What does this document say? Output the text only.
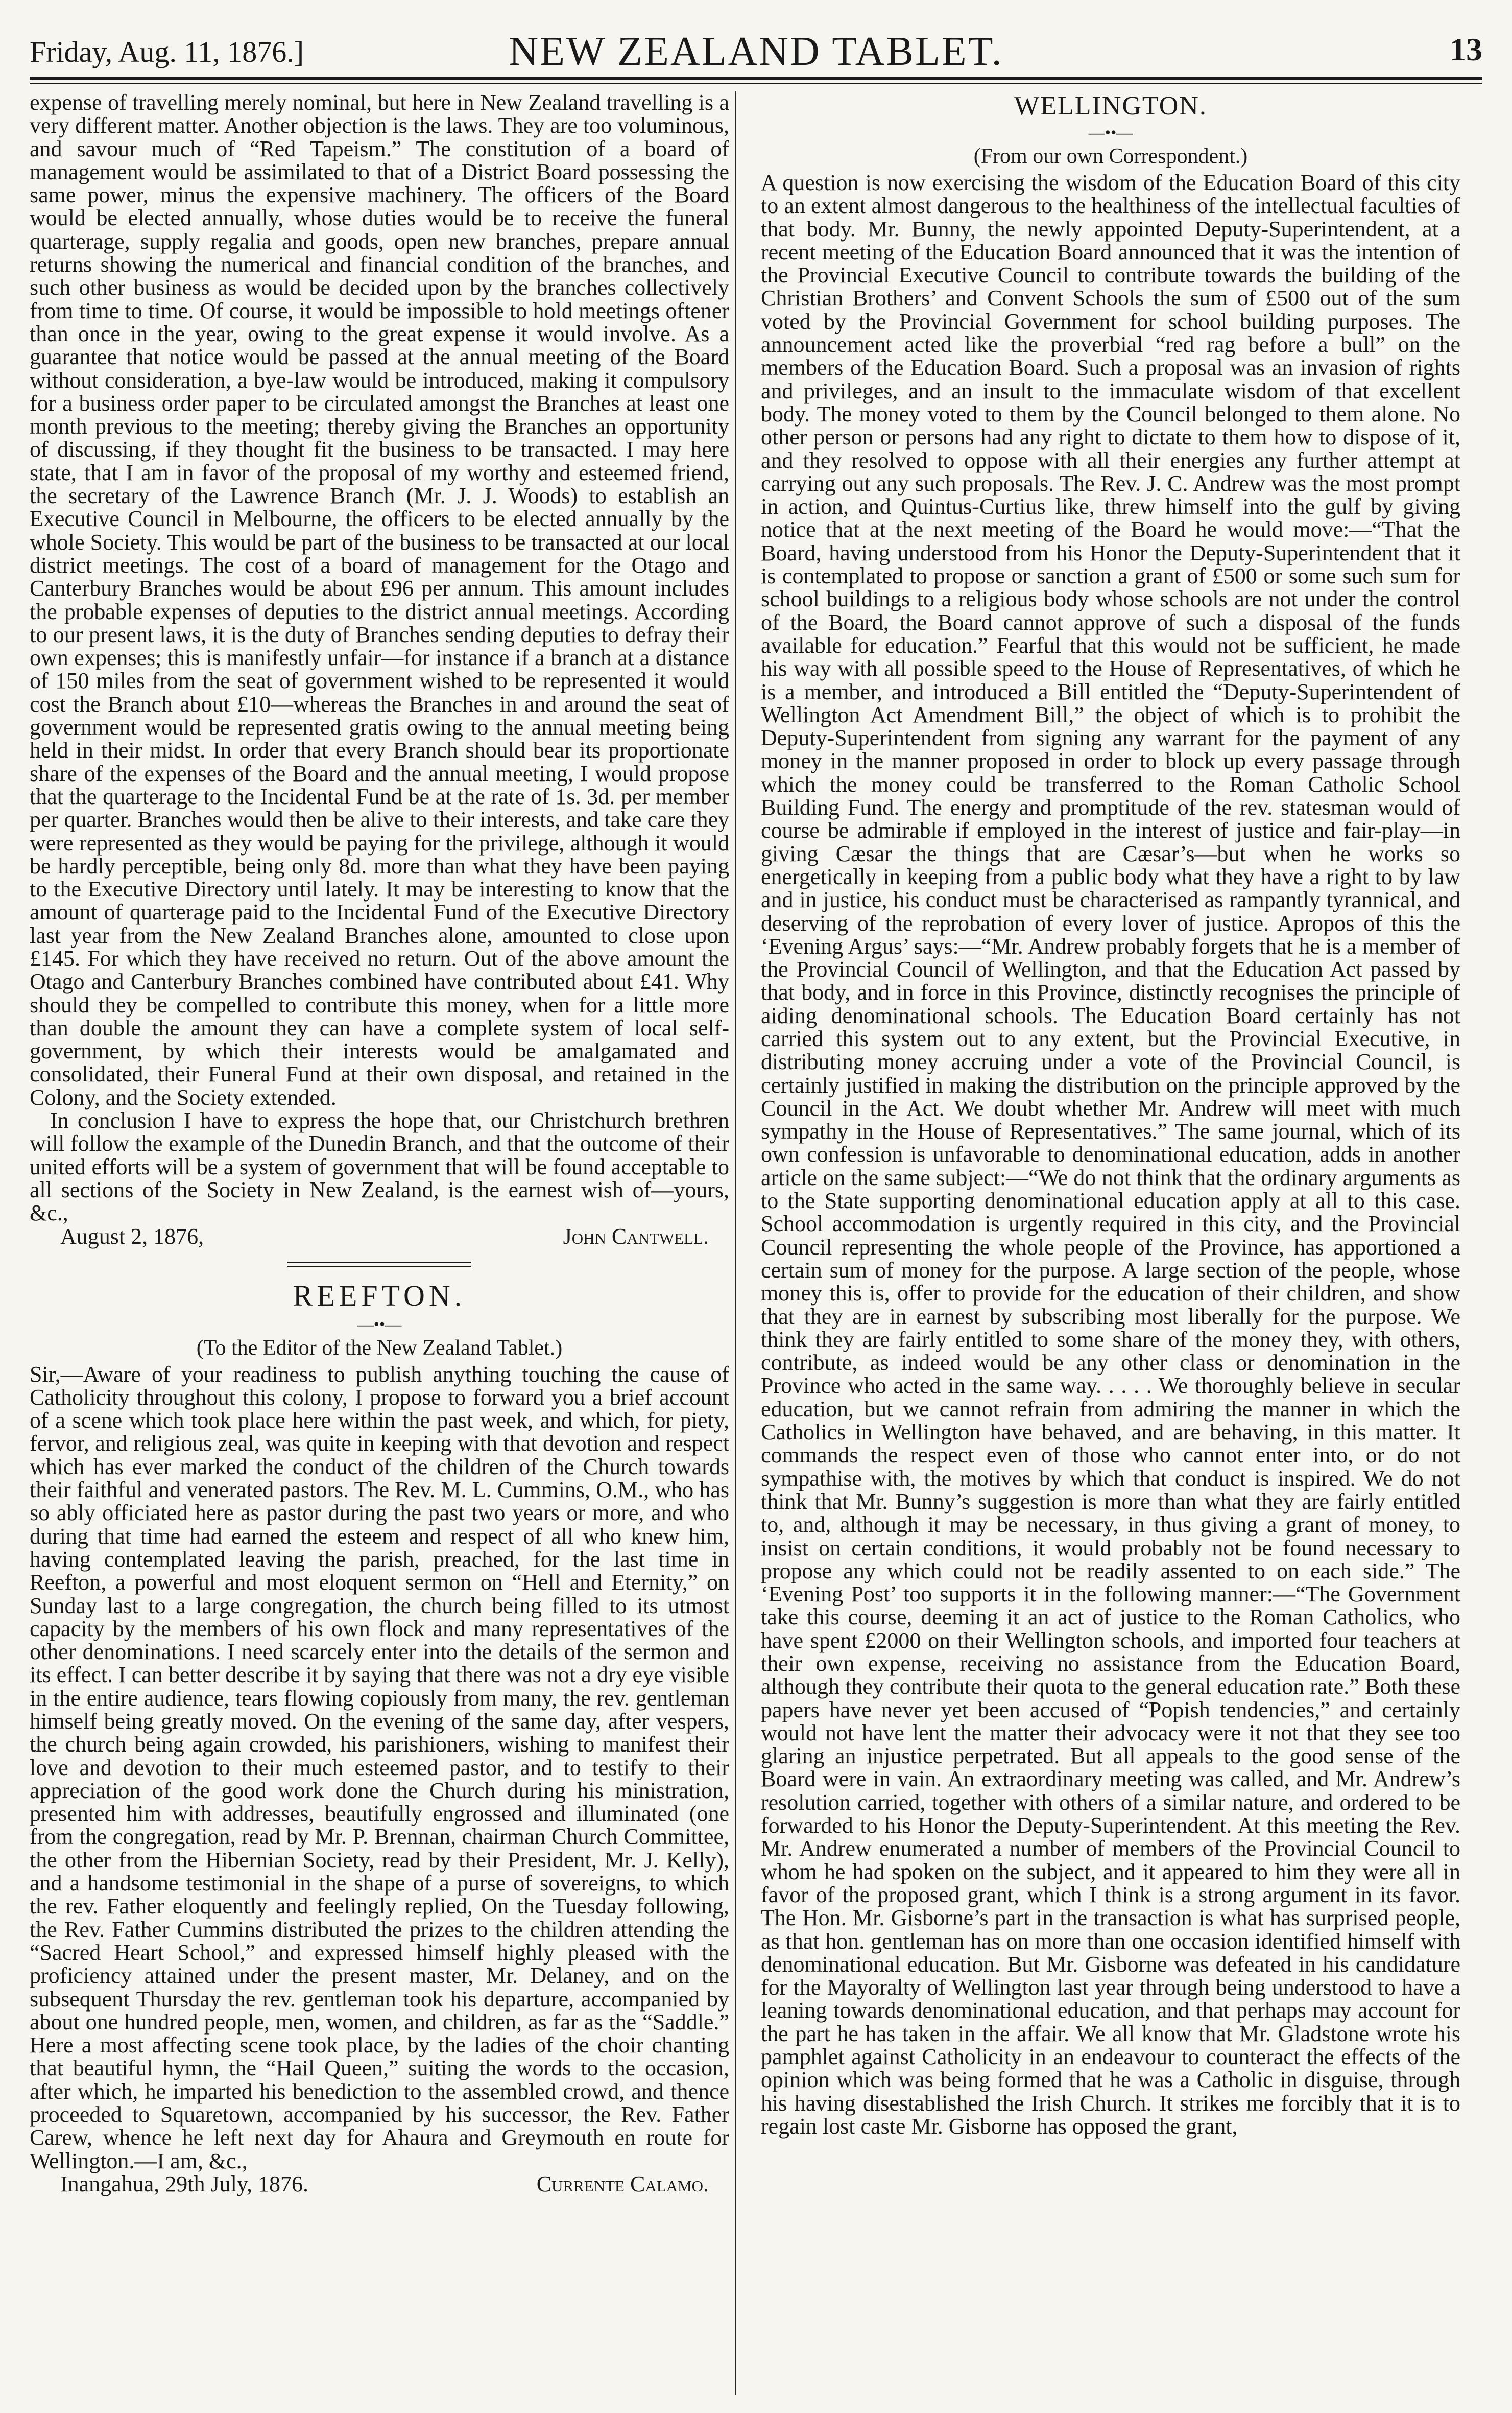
Friday, Aug. 11, 1876.]	NEW ZEALAND TABLET.	13

expense of travelling merely nominal, but here in New Zealand travelling is a very different matter. Another objection is the laws. They are too voluminous, and savour much of “Red Tapeism.” The constitution of a board of management would be assimilated to that of a District Board possessing the same power, minus the expensive machinery. The officers of the Board would be elected annually, whose duties would be to receive the funeral quarterage, supply regalia and goods, open new branches, prepare annual returns showing the numerical and financial condition of the branches, and such other business as would be decided upon by the branches collectively from time to time. Of course, it would be impossible to hold meetings oftener than once in the year, owing to the great expense it would involve. As a guarantee that notice would be passed at the annual meeting of the Board without consideration, a bye-law would be introduced, making it compulsory for a business order paper to be circulated amongst the Branches at least one month previous to the meeting; thereby giving the Branches an opportunity of discussing, if they thought fit the business to be transacted. I may here state, that I am in favor of the proposal of my worthy and esteemed friend, the secretary of the Lawrence Branch (Mr. J. J. Woods) to establish an Executive Council in Melbourne, the officers to be elected annually by the whole Society. This would be part of the business to be transacted at our local district meetings. The cost of a board of management for the Otago and Canterbury Branches would be about £96 per annum. This amount includes the probable expenses of deputies to the district annual meetings. According to our present laws, it is the duty of Branches sending deputies to defray their own expenses; this is manifestly unfair—for instance if a branch at a distance of 150 miles from the seat of government wished to be represented it would cost the Branch about £10—whereas the Branches in and around the seat of government would be represented gratis owing to the annual meeting being held in their midst. In order that every Branch should bear its proportionate share of the expenses of the Board and the annual meeting, I would propose that the quarterage to the Incidental Fund be at the rate of 1s. 3d. per member per quarter. Branches would then be alive to their interests, and take care they were represented as they would be paying for the privilege, although it would be hardly perceptible, being only 8d. more than what they have been paying to the Executive Directory until lately. It may be interesting to know that the amount of quarterage paid to the Incidental Fund of the Executive Directory last year from the New Zealand Branches alone, amounted to close upon £145. For which they have received no return. Out of the above amount the Otago and Canterbury Branches combined have contributed about £41. Why should they be compelled to contribute this money, when for a little more than double the amount they can have a complete system of local self-government, by which their interests would be amalgamated and consolidated, their Funeral Fund at their own disposal, and retained in the Colony, and the Society extended.

In conclusion I have to express the hope that, our Christchurch brethren will follow the example of the Dunedin Branch, and that the outcome of their united efforts will be a system of government that will be found acceptable to all sections of the Society in New Zealand, is the earnest wish of—yours, &c.,

August 2, 1876,	John Cantwell.
REEFTON.
—••—
(To the Editor of the New Zealand Tablet.)

Sir,—Aware of your readiness to publish anything touching the cause of Catholicity throughout this colony, I propose to forward you a brief account of a scene which took place here within the past week, and which, for piety, fervor, and religious zeal, was quite in keeping with that devotion and respect which has ever marked the conduct of the children of the Church towards their faithful and venerated pastors. The Rev. M. L. Cummins, O.M., who has so ably officiated here as pastor during the past two years or more, and who during that time had earned the esteem and respect of all who knew him, having contemplated leaving the parish, preached, for the last time in Reefton, a powerful and most eloquent sermon on “Hell and Eternity,” on Sunday last to a large congregation, the church being filled to its utmost capacity by the members of his own flock and many representatives of the other denominations. I need scarcely enter into the details of the sermon and its effect. I can better describe it by saying that there was not a dry eye visible in the entire audience, tears flowing copiously from many, the rev. gentleman himself being greatly moved. On the evening of the same day, after vespers, the church being again crowded, his parishioners, wishing to manifest their love and devotion to their much esteemed pastor, and to testify to their appreciation of the good work done the Church during his ministration, presented him with addresses, beautifully engrossed and illuminated (one from the congregation, read by Mr. P. Brennan, chairman Church Committee, the other from the Hibernian Society, read by their President, Mr. J. Kelly), and a handsome testimonial in the shape of a purse of sovereigns, to which the rev. Father eloquently and feelingly replied, On the Tuesday following, the Rev. Father Cummins distributed the prizes to the children attending the “Sacred Heart School,” and expressed himself highly pleased with the proficiency attained under the present master, Mr. Delaney, and on the subsequent Thursday the rev. gentleman took his departure, accompanied by about one hundred people, men, women, and children, as far as the “Saddle.” Here a most affecting scene took place, by the ladies of the choir chanting that beautiful hymn, the “Hail Queen,” suiting the words to the occasion, after which, he imparted his benediction to the assembled crowd, and thence proceeded to Squaretown, accompanied by his successor, the Rev. Father Carew, whence he left next day for Ahaura and Greymouth en route for Wellington.—I am, &c.,

Inangahua, 29th July, 1876.	Currente Calamo.
WELLINGTON.
—••—
(From our own Correspondent.)

A question is now exercising the wisdom of the Education Board of this city to an extent almost dangerous to the healthiness of the intellectual faculties of that body. Mr. Bunny, the newly appointed Deputy-Superintendent, at a recent meeting of the Education Board announced that it was the intention of the Provincial Executive Council to contribute towards the building of the Christian Brothers’ and Convent Schools the sum of £500 out of the sum voted by the Provincial Government for school building purposes. The announcement acted like the proverbial “red rag before a bull” on the members of the Education Board. Such a proposal was an invasion of rights and privileges, and an insult to the immaculate wisdom of that excellent body. The money voted to them by the Council belonged to them alone. No other person or persons had any right to dictate to them how to dispose of it, and they resolved to oppose with all their energies any further attempt at carrying out any such proposals. The Rev. J. C. Andrew was the most prompt in action, and Quintus-Curtius like, threw himself into the gulf by giving notice that at the next meeting of the Board he would move:—“That the Board, having understood from his Honor the Deputy-Superintendent that it is contemplated to propose or sanction a grant of £500 or some such sum for school buildings to a religious body whose schools are not under the control of the Board, the Board cannot approve of such a disposal of the funds available for education.” Fearful that this would not be sufficient, he made his way with all possible speed to the House of Representatives, of which he is a member, and introduced a Bill entitled the “Deputy-Superintendent of Wellington Act Amendment Bill,” the object of which is to prohibit the Deputy-Superintendent from signing any warrant for the payment of any money in the manner proposed in order to block up every passage through which the money could be transferred to the Roman Catholic School Building Fund. The energy and promptitude of the rev. statesman would of course be admirable if employed in the interest of justice and fair-play—in giving Cæsar the things that are Cæsar’s—but when he works so energetically in keeping from a public body what they have a right to by law and in justice, his conduct must be characterised as rampantly tyrannical, and deserving of the reprobation of every lover of justice. Apropos of this the ‘Evening Argus’ says:—“Mr. Andrew probably forgets that he is a member of the Provincial Council of Wellington, and that the Education Act passed by that body, and in force in this Province, distinctly recognises the principle of aiding denominational schools. The Education Board certainly has not carried this system out to any extent, but the Provincial Executive, in distributing money accruing under a vote of the Provincial Council, is certainly justified in making the distribution on the principle approved by the Council in the Act. We doubt whether Mr. Andrew will meet with much sympathy in the House of Representatives.” The same journal, which of its own confession is unfavorable to denominational education, adds in another article on the same subject:—“We do not think that the ordinary arguments as to the State supporting denominational education apply at all to this case. School accommodation is urgently required in this city, and the Provincial Council representing the whole people of the Province, has apportioned a certain sum of money for the purpose. A large section of the people, whose money this is, offer to provide for the education of their children, and show that they are in earnest by subscribing most liberally for the purpose. We think they are fairly entitled to some share of the money they, with others, contribute, as indeed would be any other class or denomination in the Province who acted in the same way. . . . . We thoroughly believe in secular education, but we cannot refrain from admiring the manner in which the Catholics in Wellington have behaved, and are behaving, in this matter. It commands the respect even of those who cannot enter into, or do not sympathise with, the motives by which that conduct is inspired. We do not think that Mr. Bunny’s suggestion is more than what they are fairly entitled to, and, although it may be necessary, in thus giving a grant of money, to insist on certain conditions, it would probably not be found necessary to propose any which could not be readily assented to on each side.” The ‘Evening Post’ too supports it in the following manner:—“The Government take this course, deeming it an act of justice to the Roman Catholics, who have spent £2000 on their Wellington schools, and imported four teachers at their own expense, receiving no assistance from the Education Board, although they contribute their quota to the general education rate.” Both these papers have never yet been accused of “Popish tendencies,” and certainly would not have lent the matter their advocacy were it not that they see too glaring an injustice perpetrated. But all appeals to the good sense of the Board were in vain. An extraordinary meeting was called, and Mr. Andrew’s resolution carried, together with others of a similar nature, and ordered to be forwarded to his Honor the Deputy-Superintendent. At this meeting the Rev. Mr. Andrew enumerated a number of members of the Provincial Council to whom he had spoken on the subject, and it appeared to him they were all in favor of the proposed grant, which I think is a strong argument in its favor. The Hon. Mr. Gisborne’s part in the transaction is what has surprised people, as that hon. gentleman has on more than one occasion identified himself with denominational education. But Mr. Gisborne was defeated in his candidature for the Mayoralty of Wellington last year through being understood to have a leaning towards denominational education, and that perhaps may account for the part he has taken in the affair. We all know that Mr. Gladstone wrote his pamphlet against Catholicity in an endeavour to counteract the effects of the opinion which was being formed that he was a Catholic in disguise, through his having disestablished the Irish Church. It strikes me forcibly that it is to regain lost caste Mr. Gisborne has opposed the grant,
